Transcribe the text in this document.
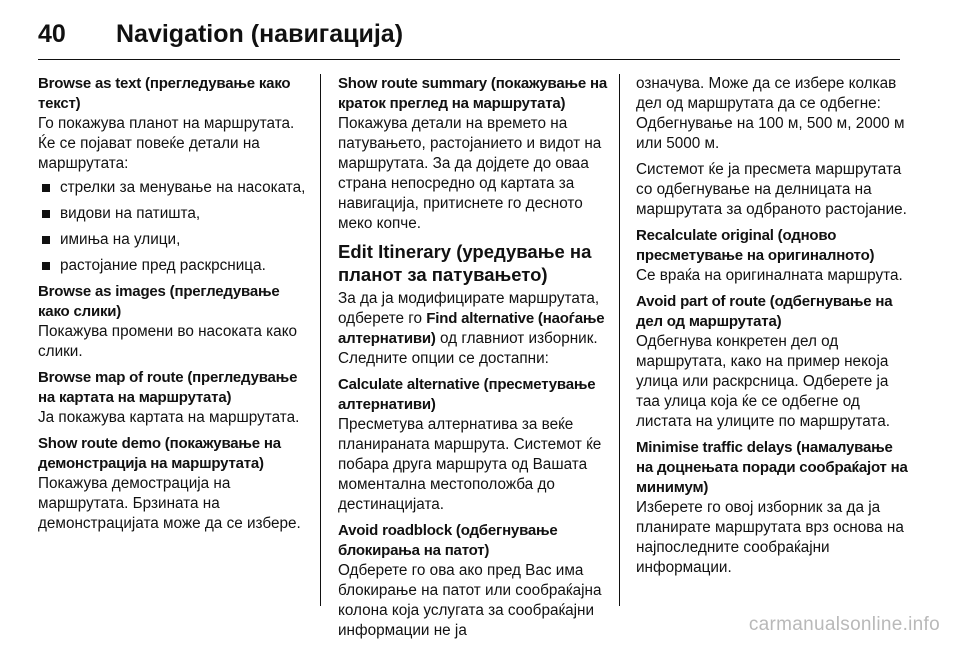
40	Navigation (навигација)
Browse as text (прегледување како текст)

Го покажува планот на маршрутата. Ќе се појават повеќе детали на маршрутата:

стрелки за менување на насоката,
видови на патишта,
имиња на улици,
растојание пред раскрсница.
Browse as images (прегледување како слики)

Покажува промени во насоката како слики.

Browse map of route (прегледување на картата на маршрутата)

Ја покажува картата на маршрутата.

Show route demo (покажување на демонстрација на маршрутата)

Покажува демострација на маршрутата. Брзината на демонстрацијата може да се избере.

Show route summary (покажување на краток преглед на маршрутата)

Покажува детали на времето на патувањето, растојанието и видот на маршрутата. За да дојдете до оваа страна непосредно од картата за навигација, притиснете го десното меко копче.

Edit Itinerary (уредување на планот за патувањето)

За да ја модифицирате маршрутата, одберете го Find alternative (наоѓање алтернативи) од главниот изборник. Следните опции се достапни:

Calculate alternative (пресметување алтернативи)

Пресметува алтернатива за веќе планираната маршрута. Системот ќе побара друга маршрута од Вашата моментална местоположба до дестинацијата.

Avoid roadblock (одбегнување блокирања на патот)

Одберете го ова ако пред Вас има блокирање на патот или сообраќајна колона која услугата за сообраќајни информации не ја

означува. Може да се избере колкав дел од маршрутата да се одбегне: Одбегнување на 100 м, 500 м, 2000 м или 5000 м.

Системот ќе ја пресмета маршрутата со одбегнување на делницата на маршрутата за одбраното растојание.

Recalculate original (одново пресметување на оригиналното)

Се враќа на оригиналната маршрута.

Avoid part of route (одбегнување на дел од маршрутата)

Одбегнува конкретен дел од маршрутата, како на пример некоја улица или раскрсница. Одберете ја таа улица која ќе се одбегне од листата на улиците по маршрутата.

Minimise traffic delays (намалување на доцнењата поради сообраќајот на минимум)

Изберете го овој изборник за да ја планирате маршрутата врз основа на најпоследните сообраќајни информации.

carmanualsonline.info
